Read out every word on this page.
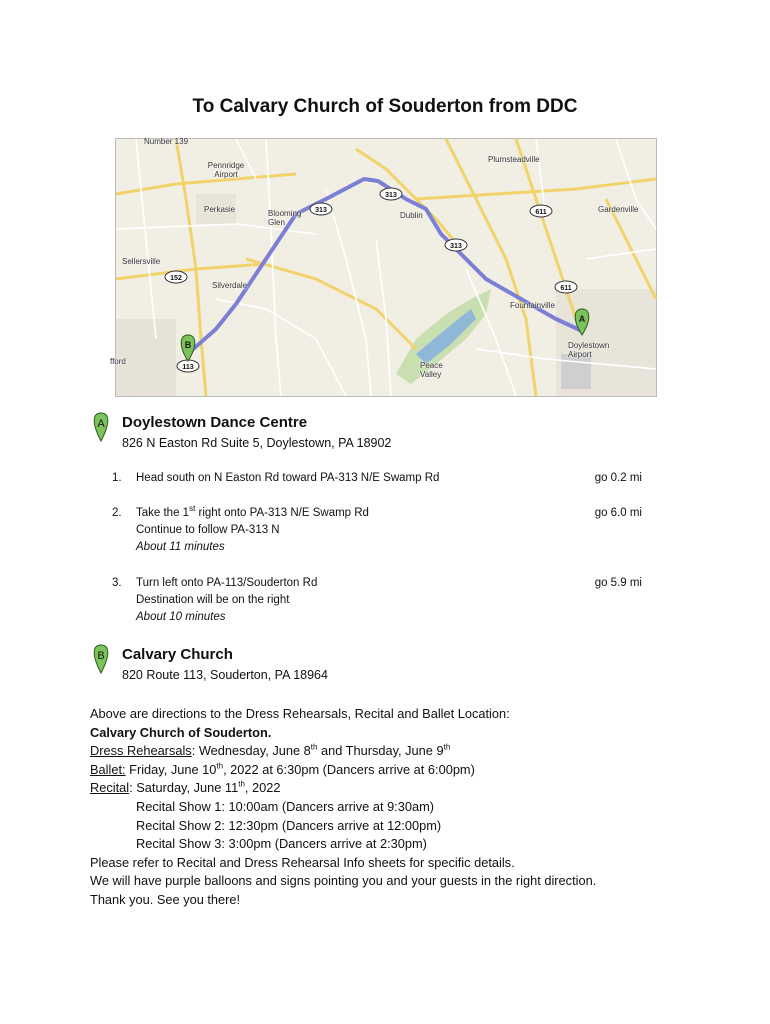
To Calvary Church of Souderton from DDC
113
313
313
313
152
611
611
A
B
Number 139
Pennridge Airport
Plumsteadville
Perkasie	Blooming Glen
Dublin
Gardenville
Sellersville
Silverdale
Fountainville
Doylestown Airport
Peace Valley
fford
A Doylestown Dance Centre
826 N Easton Rd Suite 5, Doylestown, PA 18902
1. Head south on N Easton Rd toward PA-313 N/E Swamp Rd	go 0.2 mi
2. Take the 1st right onto PA-313 N/E Swamp Rd
Continue to follow PA-313 N
About 11 minutes
go 6.0 mi
3. Turn left onto PA-113/Souderton Rd
Destination will be on the right
About 10 minutes
go 5.9 mi
B Calvary Church
820 Route 113, Souderton, PA 18964
Above are directions to the Dress Rehearsals, Recital and Ballet Location:
Calvary Church of Souderton.
Dress Rehearsals: Wednesday, June 8th and Thursday, June 9th
Ballet: Friday, June 10th, 2022 at 6:30pm (Dancers arrive at 6:00pm)
Recital: Saturday, June 11th, 2022
Recital Show 1: 10:00am (Dancers arrive at 9:30am)
Recital Show 2: 12:30pm (Dancers arrive at 12:00pm)
Recital Show 3: 3:00pm (Dancers arrive at 2:30pm)
Please refer to Recital and Dress Rehearsal Info sheets for specific details.
We will have purple balloons and signs pointing you and your guests in the right direction.
Thank you. See you there!
